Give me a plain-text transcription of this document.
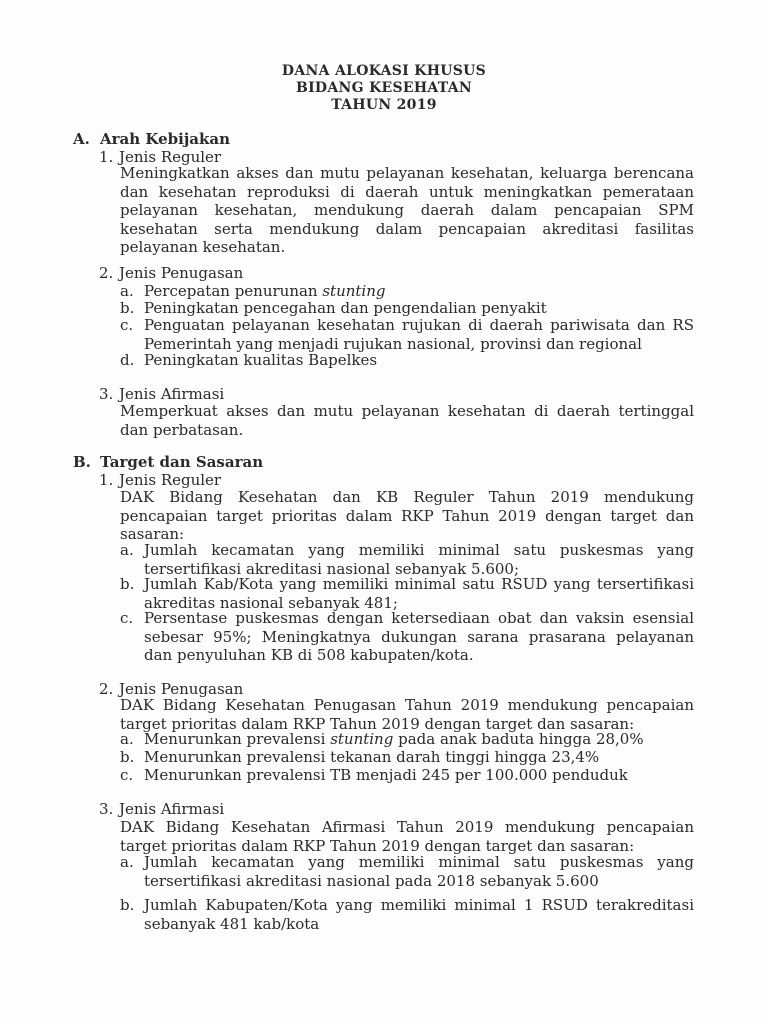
DANA ALOKASI KHUSUS
BIDANG KESEHATAN
TAHUN 2019
A. Arah Kebijakan
1. Jenis Reguler
Meningkatkan akses dan mutu pelayanan kesehatan, keluarga berencana dan kesehatan reproduksi di daerah untuk meningkatkan pemerataan pelayanan kesehatan, mendukung daerah dalam pencapaian SPM kesehatan serta mendukung dalam pencapaian akreditasi fasilitas pelayanan kesehatan.
2. Jenis Penugasan
a. Percepatan penurunan stunting
b. Peningkatan pencegahan dan pengendalian penyakit
c. Penguatan pelayanan kesehatan rujukan di daerah pariwisata dan RS Pemerintah yang menjadi rujukan nasional, provinsi dan regional
d. Peningkatan kualitas Bapelkes
3. Jenis Afirmasi
Memperkuat akses dan mutu pelayanan kesehatan di daerah tertinggal dan perbatasan.
B. Target dan Sasaran
1. Jenis Reguler
DAK Bidang Kesehatan dan KB Reguler Tahun 2019 mendukung pencapaian target prioritas dalam RKP Tahun 2019 dengan target dan sasaran:
a. Jumlah kecamatan yang memiliki minimal satu puskesmas yang tersertifikasi akreditasi nasional sebanyak 5.600;
b. Jumlah Kab/Kota yang memiliki minimal satu RSUD yang tersertifikasi akreditas nasional sebanyak 481;
c. Persentase puskesmas dengan ketersediaan obat dan vaksin esensial sebesar 95%; Meningkatnya dukungan sarana prasarana pelayanan dan penyuluhan KB di 508 kabupaten/kota.
2. Jenis Penugasan
DAK Bidang Kesehatan Penugasan Tahun 2019 mendukung pencapaian target prioritas dalam RKP Tahun 2019 dengan target dan sasaran:
a. Menurunkan prevalensi stunting pada anak baduta hingga 28,0%
b. Menurunkan prevalensi tekanan darah tinggi hingga 23,4%
c. Menurunkan prevalensi TB menjadi 245 per 100.000 penduduk
3. Jenis Afirmasi
DAK Bidang Kesehatan Afirmasi Tahun 2019 mendukung pencapaian target prioritas dalam RKP Tahun 2019 dengan target dan sasaran:
a. Jumlah kecamatan yang memiliki minimal satu puskesmas yang tersertifikasi akreditasi nasional pada 2018 sebanyak 5.600
b. Jumlah Kabupaten/Kota yang memiliki minimal 1 RSUD terakreditasi sebanyak 481 kab/kota
